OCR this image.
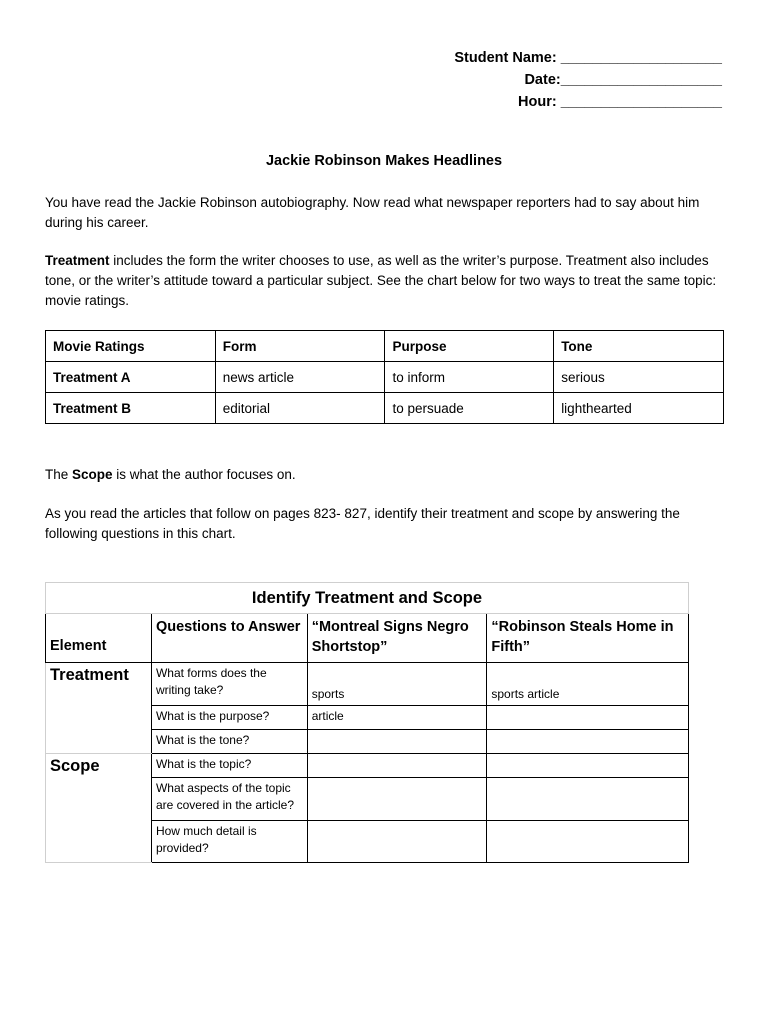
Student Name: ____________________
Date:____________________
Hour: ____________________
Jackie Robinson Makes Headlines

You have read the Jackie Robinson autobiography. Now read what newspaper reporters had to say about him during his career.

Treatment includes the form the writer chooses to use, as well as the writer’s purpose. Treatment also includes tone, or the writer’s attitude toward a particular subject. See the chart below for two ways to treat the same topic: movie ratings.

Movie Ratings	Form	Purpose	Tone
Treatment A	news article	to inform	serious
Treatment B	editorial	to persuade	lighthearted

The Scope is what the author focuses on.

As you read the articles that follow on pages 823- 827, identify their treatment and scope by answering the following questions in this chart.

Identify Treatment and Scope			
Element	Questions to Answer	“Montreal Signs Negro Shortstop”	“Robinson Steals Home in Fifth”
Treatment	What forms does the writing take?	sports	sports article
	What is the purpose?	article	
	What is the tone?		
Scope	What is the topic?		
	What aspects of the topic are covered in the article?		
	How much detail is provided?		
